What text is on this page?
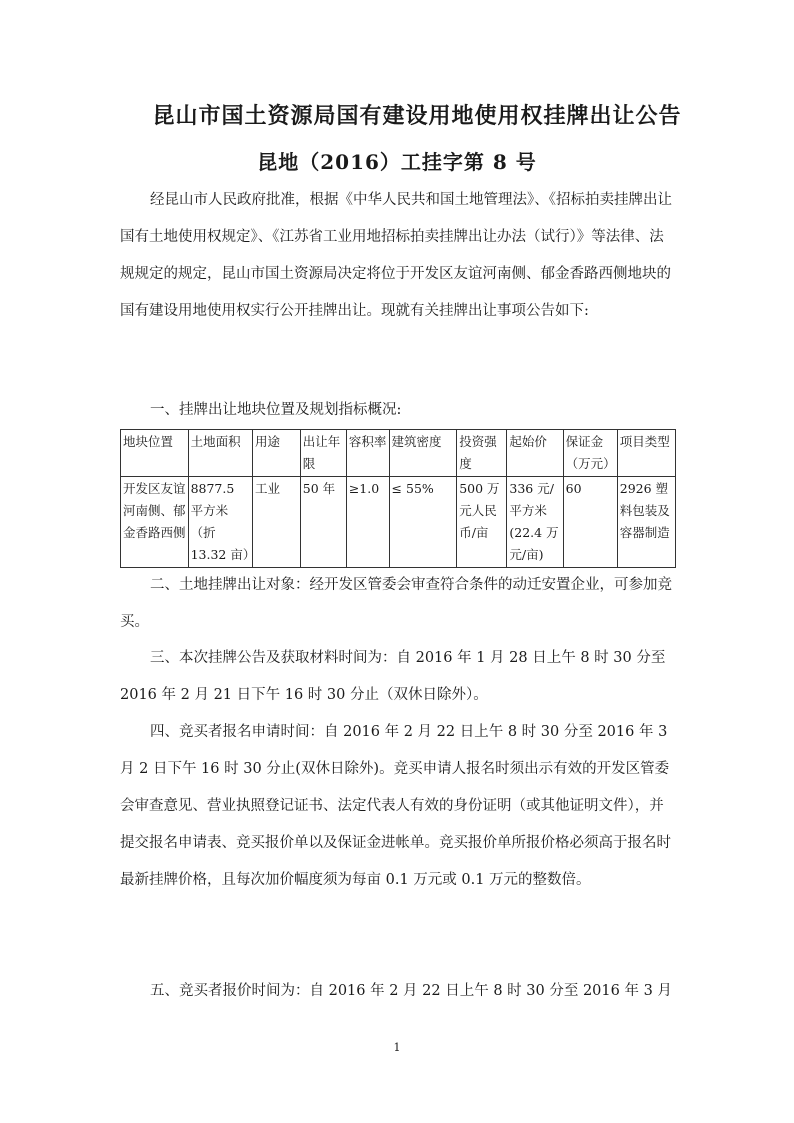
昆山市国土资源局国有建设用地使用权挂牌出让公告
昆地（2016）工挂字第 8 号
经昆山市人民政府批准，根据《中华人民共和国土地管理法》、《招标拍卖挂牌出让国有土地使用权规定》、《江苏省工业用地招标拍卖挂牌出让办法（试行）》等法律、法规规定的规定，昆山市国土资源局决定将位于开发区友谊河南侧、郁金香路西侧地块的国有建设用地使用权实行公开挂牌出让。现就有关挂牌出让事项公告如下:
一、挂牌出让地块位置及规划指标概况:
地块位置	土地面积	用途	出让年限	容积率	建筑密度	投资强度	起始价	保证金（万元）	项目类型
开发区友谊河南侧、郁金香路西侧	8877.5 平方米（折 13.32 亩）	工业	50 年	≥1.0	≤ 55%	500 万元人民币/亩	336 元/平方米(22.4 万元/亩)	60	2926 塑料包装及容器制造
二、土地挂牌出让对象：经开发区管委会审查符合条件的动迁安置企业，可参加竞买。
三、本次挂牌公告及获取材料时间为：自 2016 年 1 月 28 日上午 8 时 30 分至 2016 年 2 月 21 日下午 16 时 30 分止（双休日除外）。
四、竞买者报名申请时间：自 2016 年 2 月 22 日上午 8 时 30 分至 2016 年 3 月 2 日下午 16 时 30 分止(双休日除外)。竞买申请人报名时须出示有效的开发区管委会审查意见、营业执照登记证书、法定代表人有效的身份证明（或其他证明文件），并提交报名申请表、竞买报价单以及保证金进帐单。竞买报价单所报价格必须高于报名时最新挂牌价格，且每次加价幅度须为每亩 0.1 万元或 0.1 万元的整数倍。
五、竞买者报价时间为：自 2016 年 2 月 22 日上午 8 时 30 分至 2016 年 3 月
1
